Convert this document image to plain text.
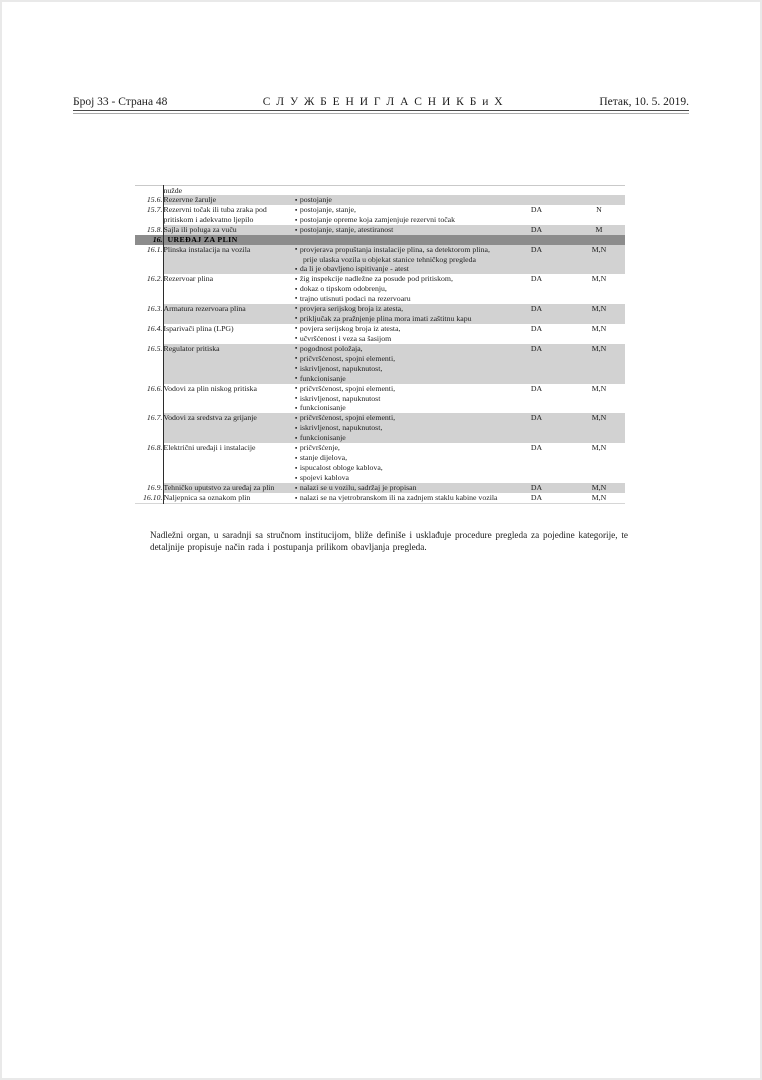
Број 33 - Страна 48	С Л У Ж Б Е Н И Г Л А С Н И К Б и Х	Петак, 10. 5. 2019.
	nužde			
15.6.	Rezervne žarulje	▪ postojanje		

15.7.	Rezervni točak ili tuba zraka pod pritiskom i adekvatno ljepilo	▪ postojanje, stanje,
▪ postojanje opreme koja zamjenjuje rezervni točak	DA	N
15.8.	Sajla ili poluga za vuču	▪ postojanje, stanje, atestiranost	DA	M
16.	UREĐAJ ZA PLIN			
16.1.	Plinska instalacija na vozila	▪ provjerava propuštanja instalacije plina, sa detektorom plina, prije ulaska vozila u objekat stanice tehničkog pregleda
▪ da li je obavljeno ispitivanje - atest	DA	M,N
16.2.	Rezervoar plina	▪ žig inspekcije nadležne za posude pod pritiskom,
▪ dokaz o tipskom odobrenju,
▪ trajno utisnuti podaci na rezervoaru	DA	M,N
16.3.	Armatura rezervoara plina	▪ provjera serijskog broja iz atesta,
▪ priključak za pražnjenje plina mora imati zaštitnu kapu	DA	M,N
16.4.	Isparivači plina (LPG)	▪ povjera serijskog broja iz atesta,
▪ učvršćenost i veza sa šasijom	DA	M,N
16.5.	Regulator pritiska	▪ pogodnost položaja,
▪ pričvršćenost, spojni elementi,
▪ iskrivljenost, napuknutost,
▪ funkcionisanje	DA	M,N
16.6.	Vodovi za plin niskog pritiska	▪ pričvršćenost, spojni elementi,
▪ iskrivljenost, napuknutost
▪ funkcionisanje	DA	M,N
16.7.	Vodovi za sredstva za grijanje	▪ pričvršćenost, spojni elementi,
▪ iskrivljenost, napuknutost,
▪ funkcionisanje	DA	M,N
16.8.	Električni uređaji i instalacije	▪ pričvršćenje,
▪ stanje dijelova,
▪ ispucalost obloge kablova,
▪ spojevi kablova	DA	M,N
16.9.	Tehničko uputstvo za uređaj za plin	▪ nalazi se u vozilu, sadržaj je propisan	DA	M,N
16.10.	Naljepnica sa oznakom plin	▪ nalazi se na vjetrobranskom ili na zadnjem staklu kabine vozila	DA	M,N

Nadležni organ, u saradnji sa stručnom institucijom, bliže definiše i usklađuje procedure pregleda za pojedine kategorije, te detaljnije propisuje način rada i postupanja prilikom obavljanja pregleda.
